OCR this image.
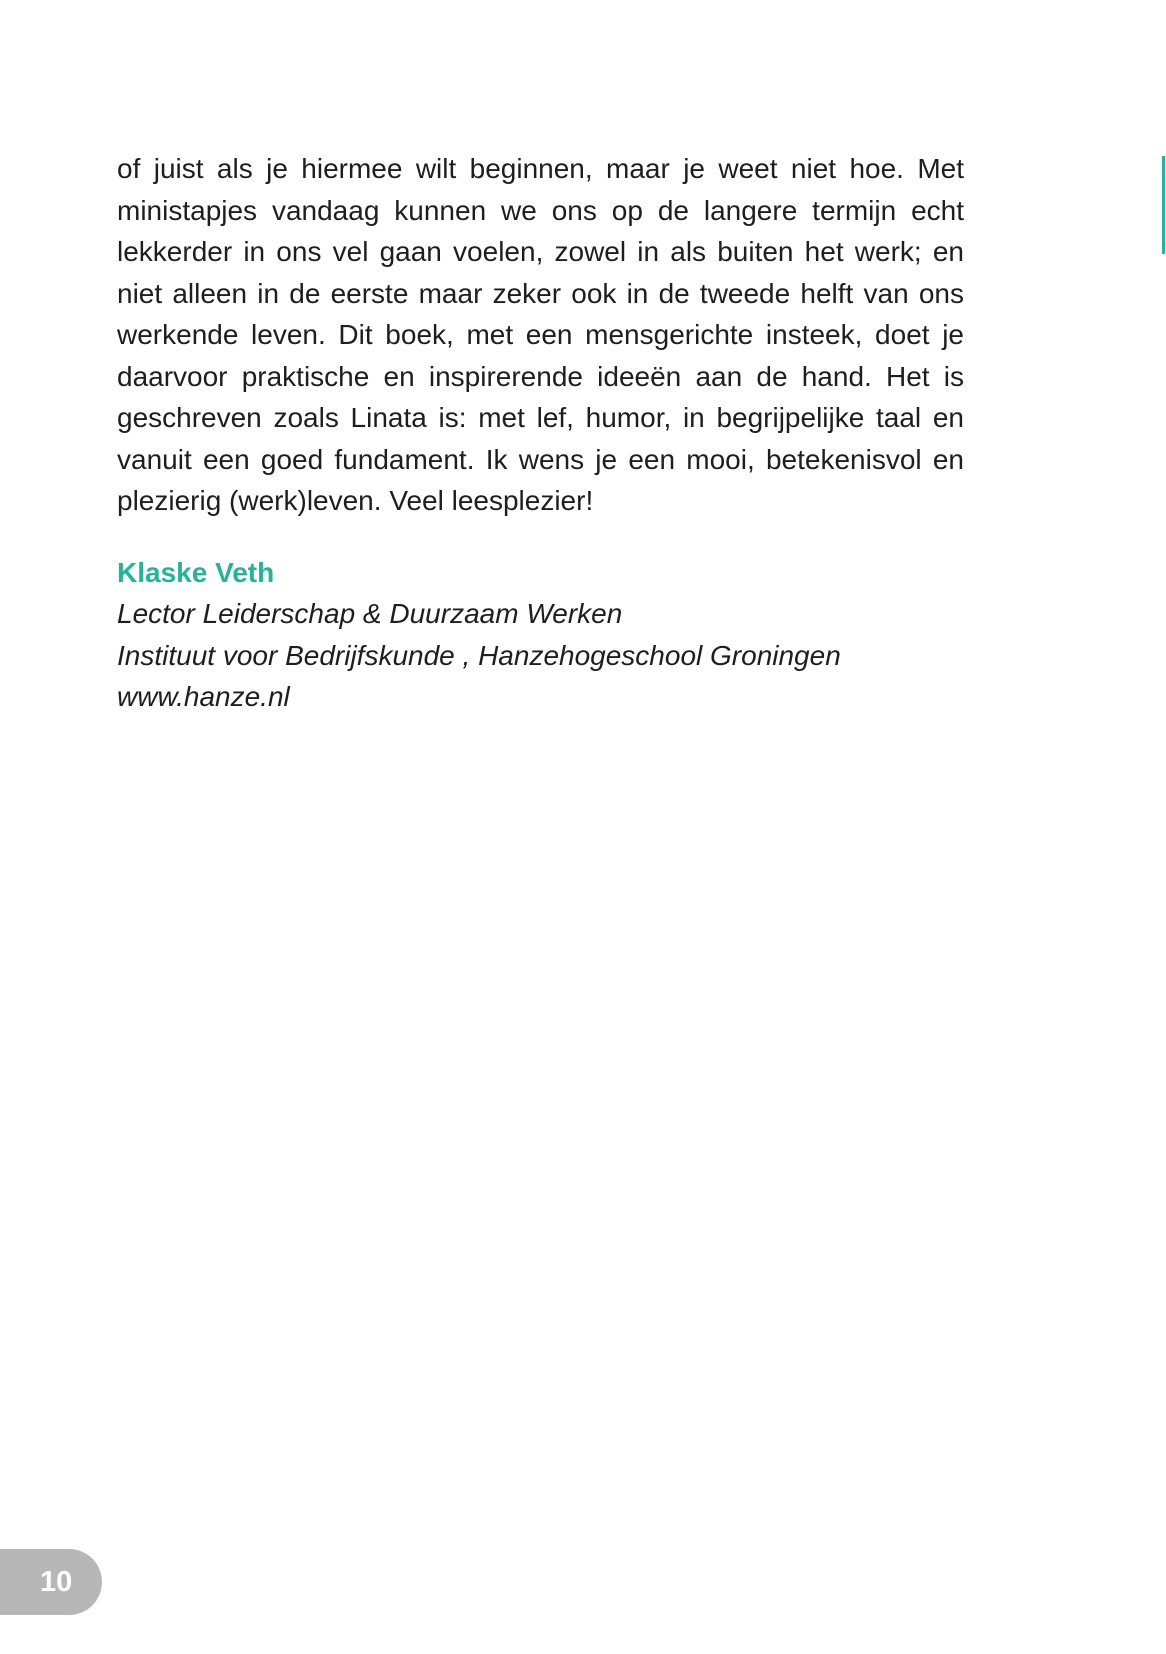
of juist als je hiermee wilt beginnen, maar je weet niet hoe. Met
ministapjes vandaag kunnen we ons op de langere termijn echt
lekkerder in ons vel gaan voelen, zowel in als buiten het werk; en
niet alleen in de eerste maar zeker ook in de tweede helft van ons
werkende leven. Dit boek, met een mensgerichte insteek, doet je
daarvoor praktische en inspirerende ideeën aan de hand. Het is
geschreven zoals Linata is: met lef, humor, in begrijpelijke taal en
vanuit een goed fundament. Ik wens je een mooi, betekenisvol en
plezierig (werk)leven. Veel leesplezier!

Klaske Veth

Lector Leiderschap & Duurzaam Werken

Instituut voor Bedrijfskunde , Hanzehogeschool Groningen

www.hanze.nl

10
